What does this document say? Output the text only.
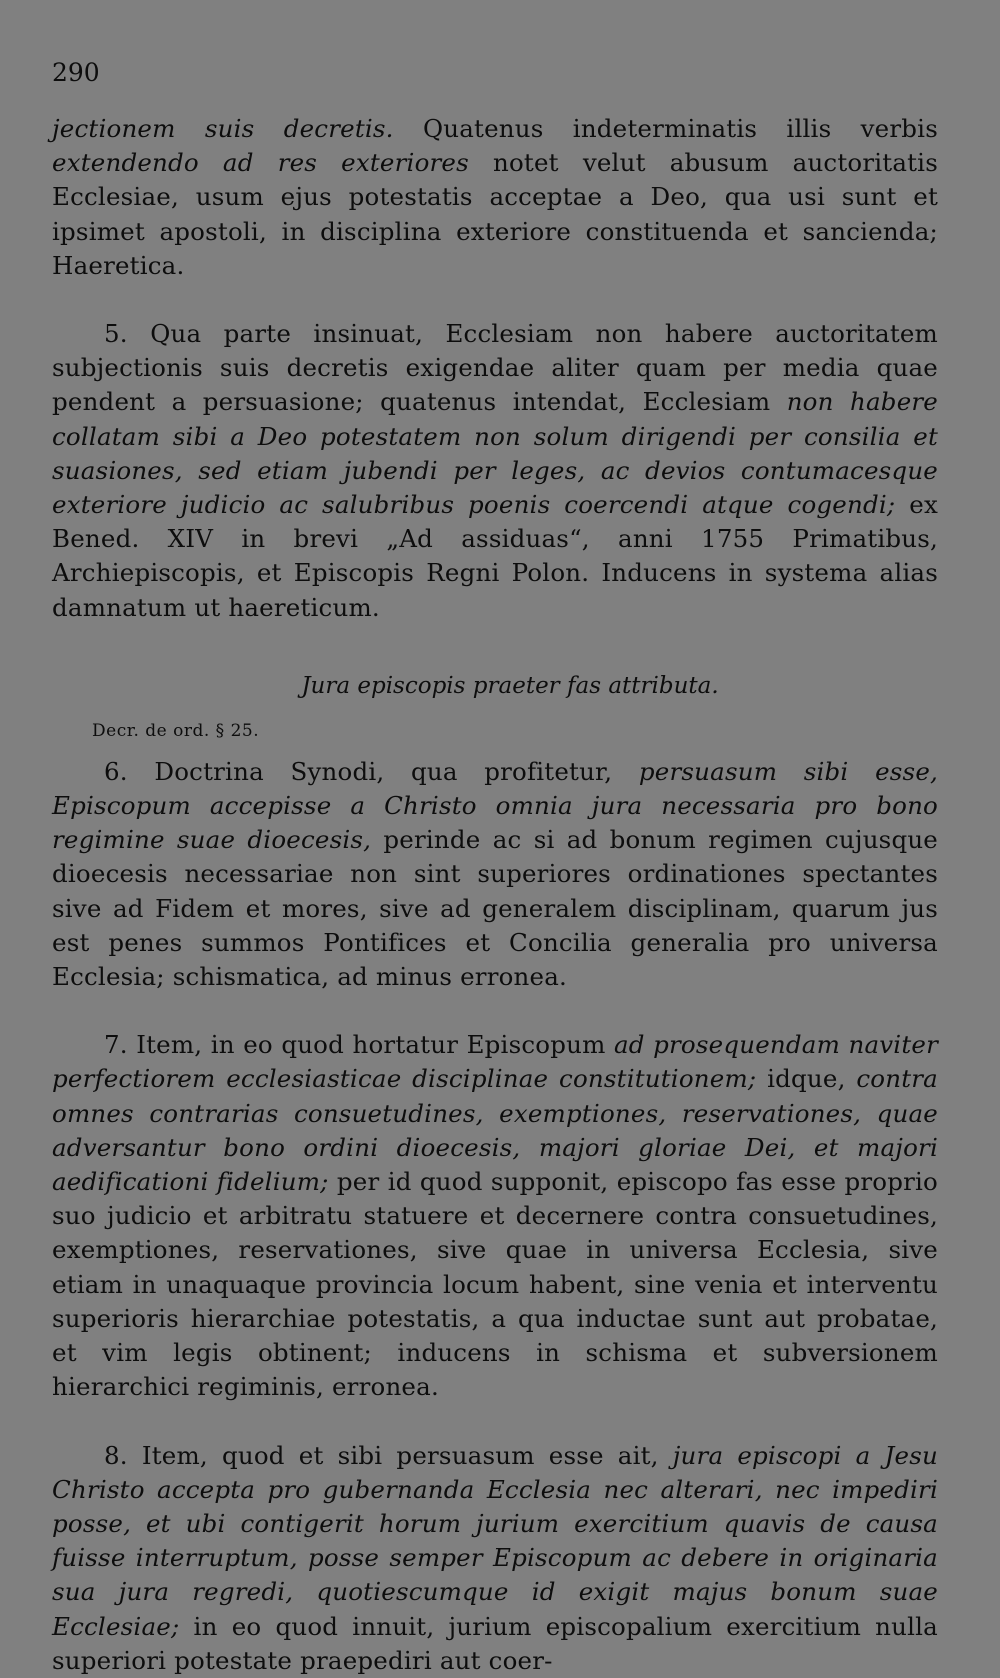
290

jectionem suis decretis. Quatenus indeterminatis illis verbis extendendo ad res exteriores notet velut abusum auctoritatis Ecclesiae, usum ejus potestatis acceptae a Deo, qua usi sunt et ipsimet apostoli, in disciplina exteriore constituenda et sancienda; Haeretica.

5. Qua parte insinuat, Ecclesiam non habere auctoritatem subjectionis suis decretis exigendae aliter quam per media quae pendent a persuasione; quatenus intendat, Ecclesiam non habere collatam sibi a Deo potestatem non solum dirigendi per consilia et suasiones, sed etiam jubendi per leges, ac devios contumacesque exteriore judicio ac salubribus poenis coercendi atque cogendi; ex Bened. XIV in brevi „Ad assiduas“, anni 1755 Primatibus, Archiepiscopis, et Episcopis Regni Polon. Inducens in systema alias damnatum ut haereticum.

Jura episcopis praeter fas attributa.
Decr. de ord. § 25.

6. Doctrina Synodi, qua profitetur, persuasum sibi esse, Episcopum accepisse a Christo omnia jura necessaria pro bono regimine suae dioecesis, perinde ac si ad bonum regimen cujusque dioecesis necessariae non sint superiores ordinationes spectantes sive ad Fidem et mores, sive ad generalem disciplinam, quarum jus est penes summos Pontifices et Concilia generalia pro universa Ecclesia; schismatica, ad minus erronea.

7. Item, in eo quod hortatur Episcopum ad prosequendam naviter perfectiorem ecclesiasticae disciplinae constitutionem; idque, contra omnes contrarias consuetudines, exemptiones, reservationes, quae adversantur bono ordini dioecesis, majori gloriae Dei, et majori aedificationi fidelium; per id quod supponit, episcopo fas esse proprio suo judicio et arbitratu statuere et decernere contra consuetudines, exemptiones, reservationes, sive quae in universa Ecclesia, sive etiam in unaquaque provincia locum habent, sine venia et interventu superioris hierarchiae potestatis, a qua inductae sunt aut probatae, et vim legis obtinent; inducens in schisma et subversionem hierarchici regiminis, erronea.

8. Item, quod et sibi persuasum esse ait, jura episcopi a Jesu Christo accepta pro gubernanda Ecclesia nec alterari, nec impediri posse, et ubi contigerit horum jurium exercitium quavis de causa fuisse interruptum, posse semper Episcopum ac debere in originaria sua jura regredi, quotiescumque id exigit majus bonum suae Ecclesiae; in eo quod innuit, jurium episcopalium exercitium nulla superiori potestate praepediri aut coer-
